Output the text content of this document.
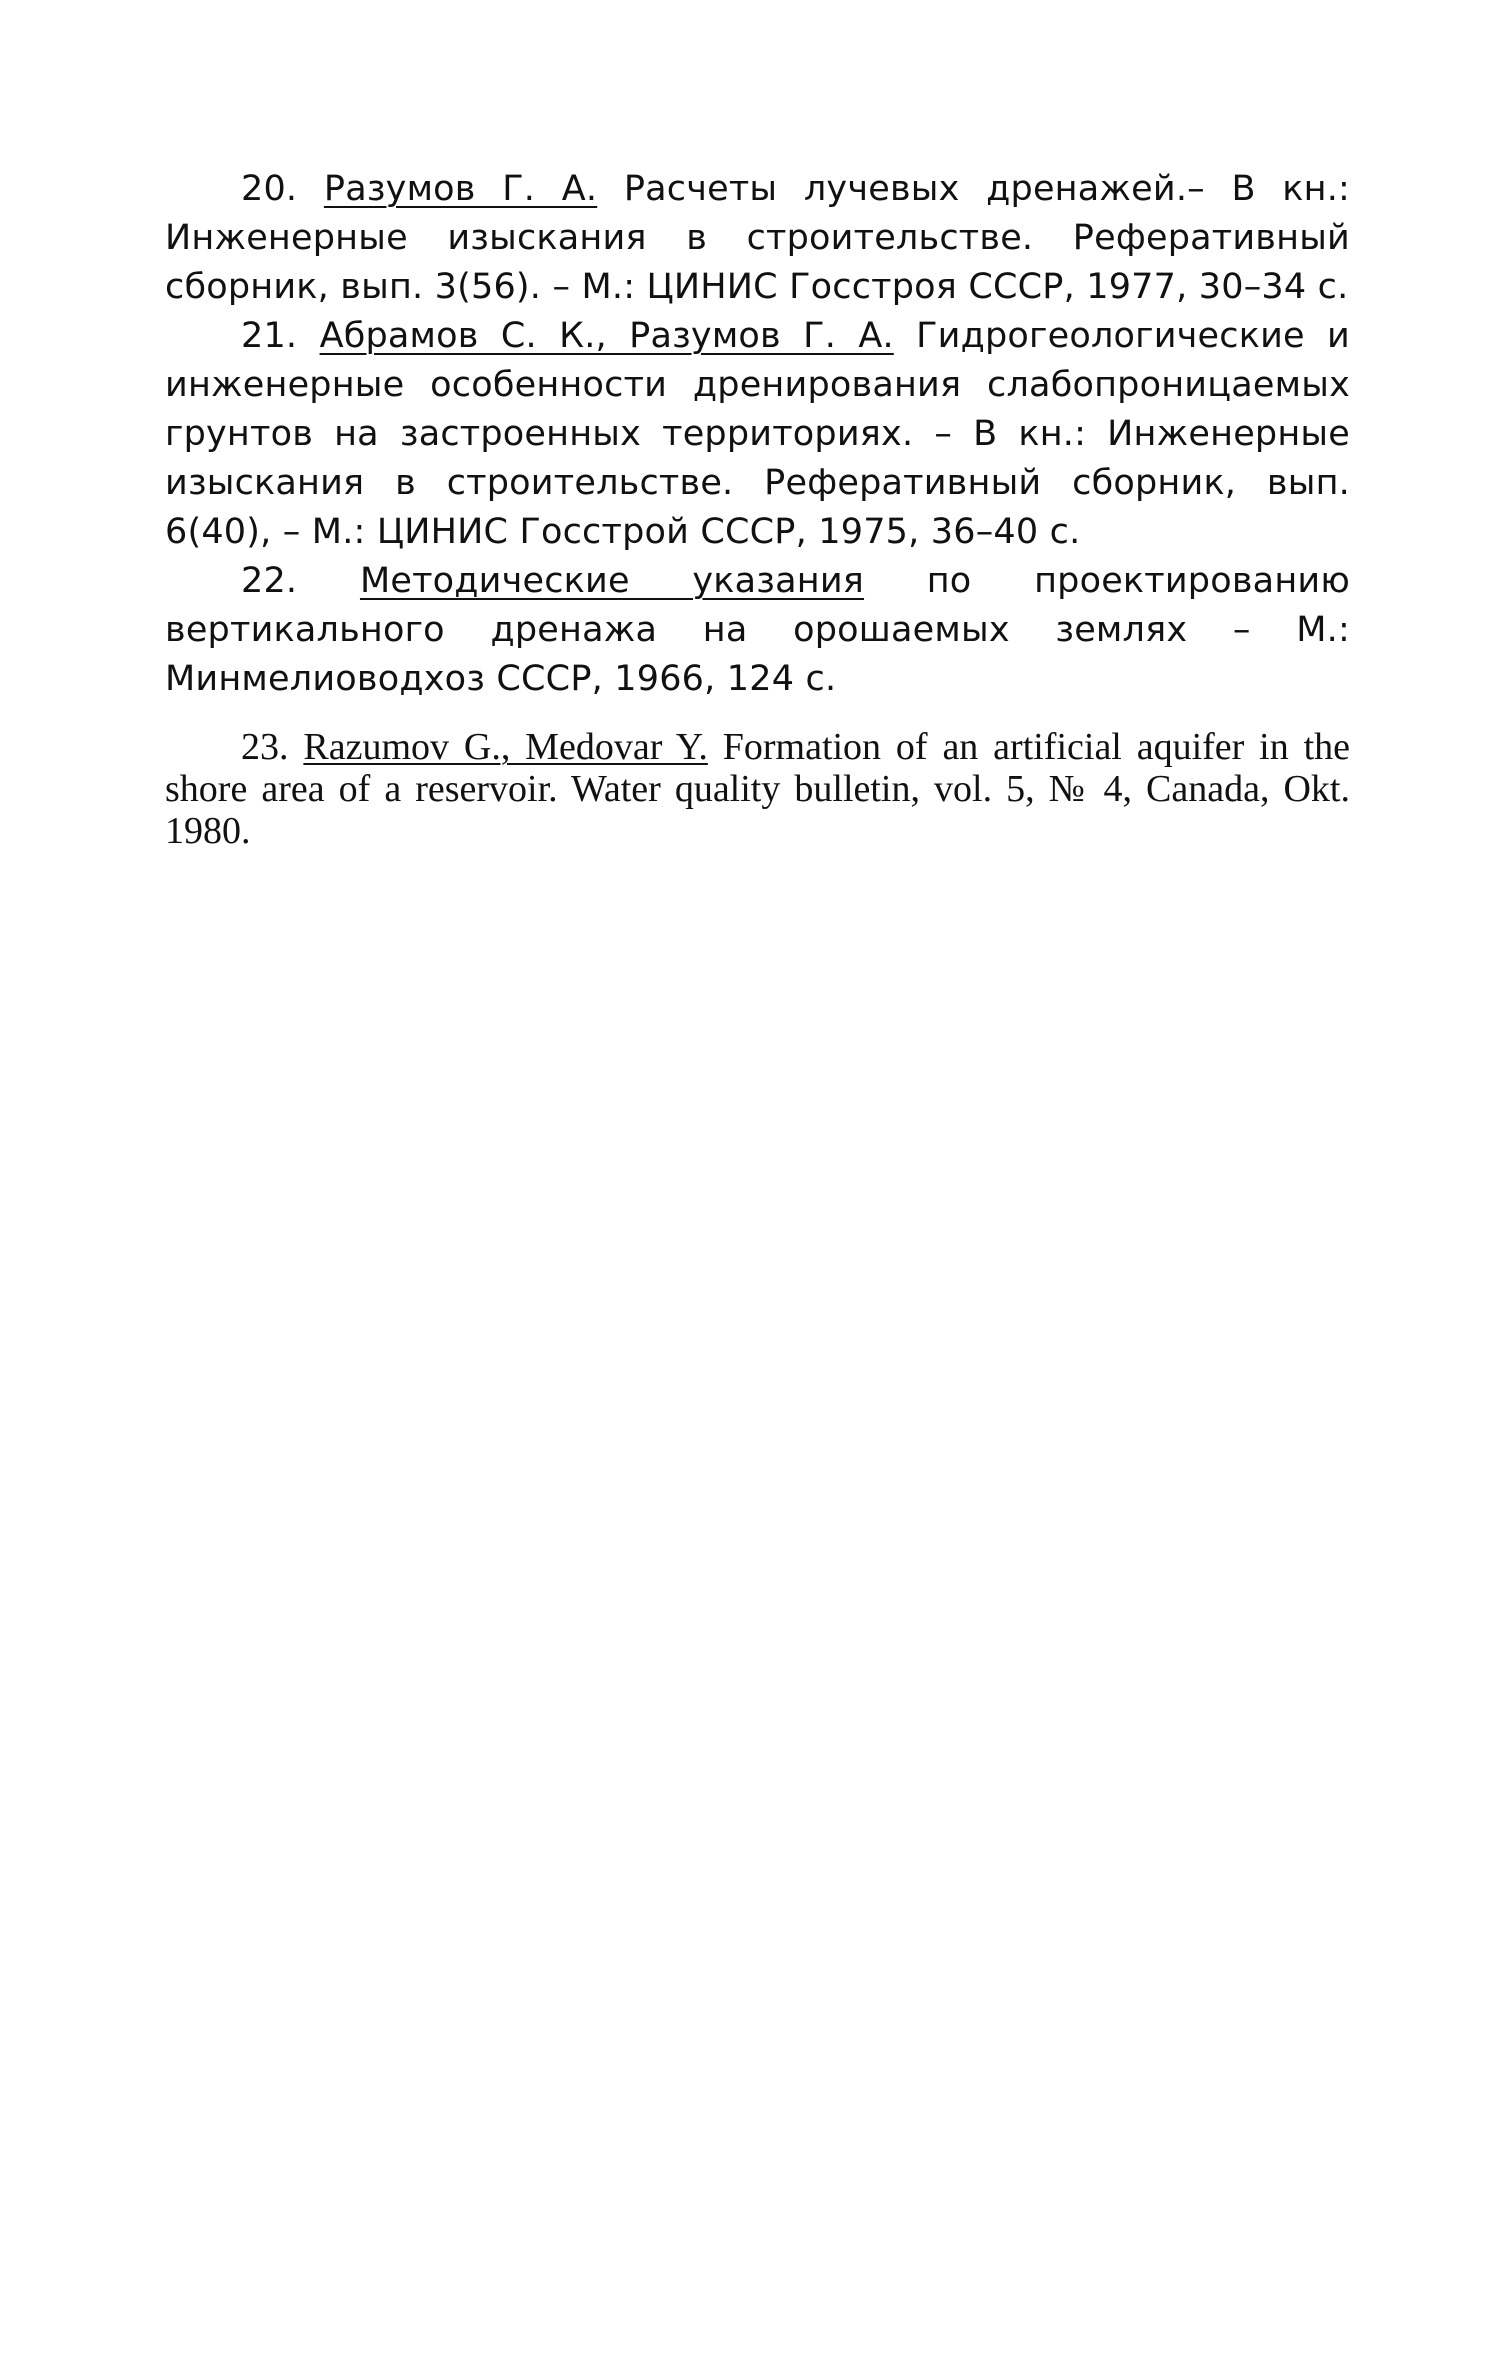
20. Разумов Г. А. Расчеты лучевых дренажей.– В кн.: Инженерные изыскания в строительстве. Реферативный сборник, вып. 3(56). – М.: ЦИНИС Госстроя СССР, 1977, 30–34 с.

21. Абрамов С. К., Разумов Г. А. Гидрогеологические и инженерные особенности дренирования слабопроницаемых грунтов на застроенных территориях. – В кн.: Инженерные изыскания в строительстве. Реферативный сборник, вып. 6(40), – М.: ЦИНИС Госстрой СССР, 1975, 36–40 с.

22. Методические указания по проектированию вертикального дренажа на орошаемых землях – М.: Минмелиоводхоз СССР, 1966, 124 с.

23. Razumov G., Medovar Y. Formation of an artificial aquifer in the shore area of a reservoir. Water quality bulletin, vol. 5, № 4, Canada, Okt. 1980.
